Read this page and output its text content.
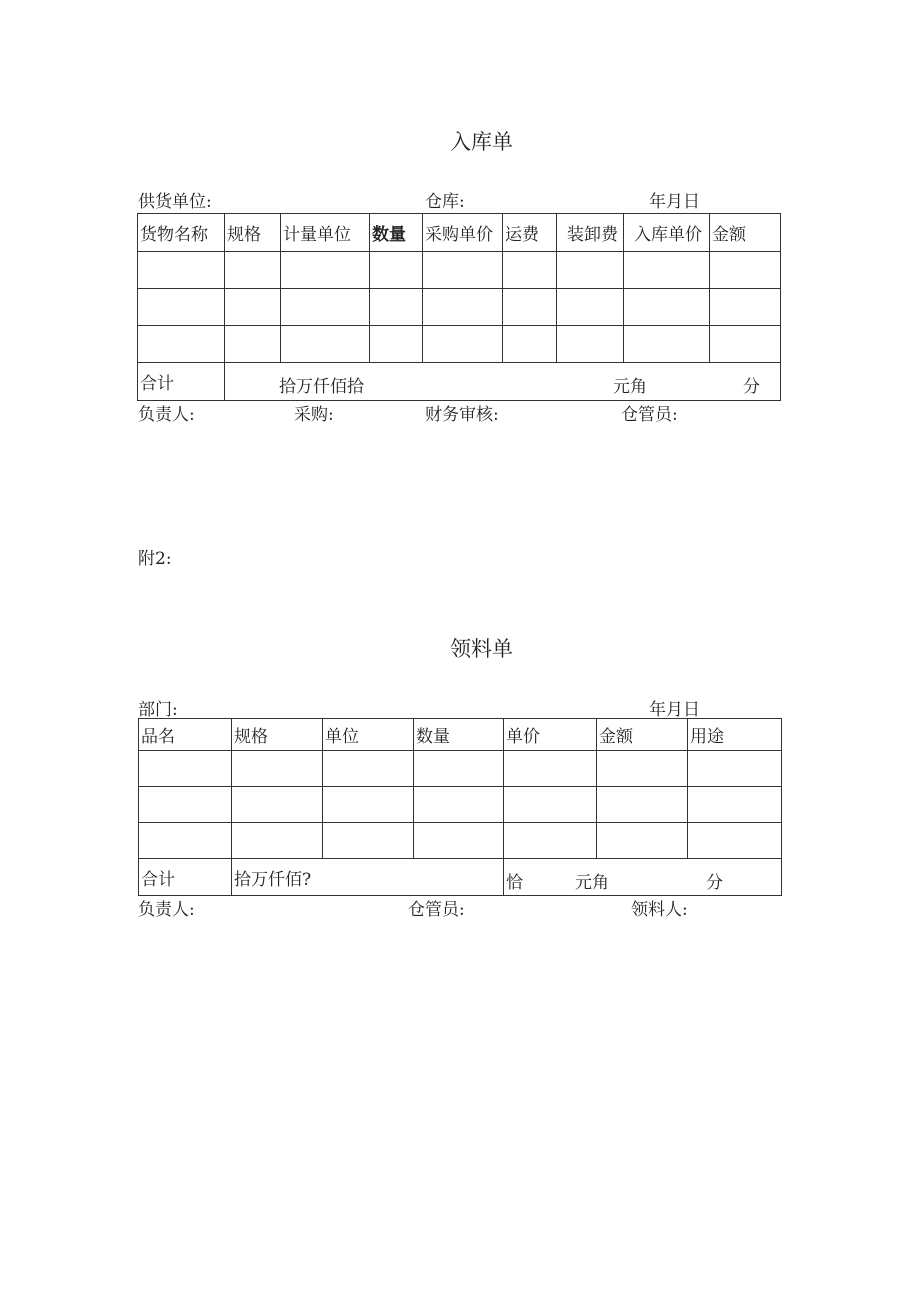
入库单
供货单位:	仓库:	年月日
货物名称	规格	计量单位	数量	采购单价	运费	装卸费	入库单价	金额

合计	拾万仟佰拾 元角 分							
负责人:	采购:	财务审核:	仓管员:
附2:
领料单
部门:	年月日
品名	规格	单位	数量	单价	金额	用途

合计	拾万仟佰?			恰 元角 分		
负责人:	仓管员:	领料人:
